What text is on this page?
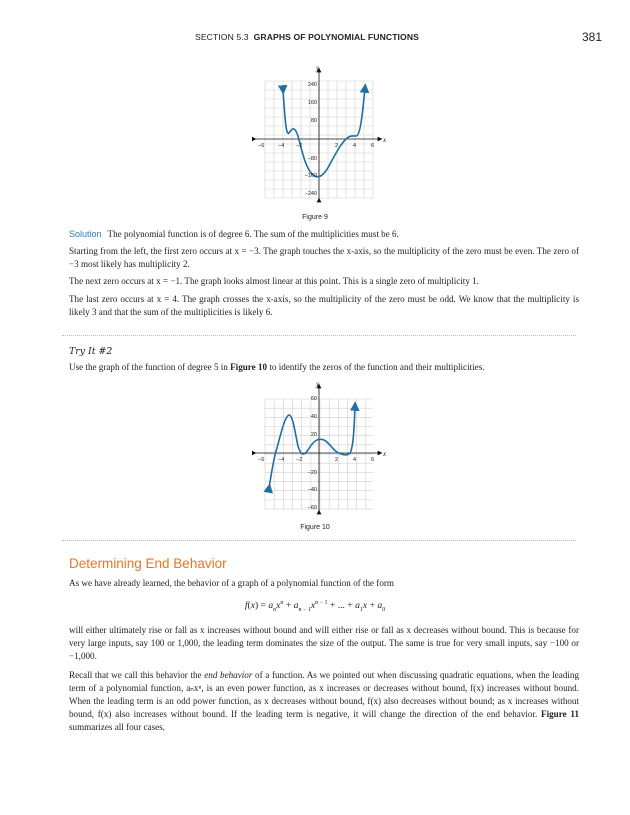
SECTION 5.3 GRAPHS OF POLYNOMIAL FUNCTIONS	381
−6 −4 −2	2	4	6
240
160
80
−80
−160
−240
x
y
Figure 9

Solution The polynomial function is of degree 6. The sum of the multiplicities must be 6.

Starting from the left, the first zero occurs at x = −3. The graph touches the x-axis, so the multiplicity of the zero must be even. The zero of −3 most likely has multiplicity 2.

The next zero occurs at x = −1. The graph looks almost linear at this point. This is a single zero of multiplicity 1.

The last zero occurs at x = 4. The graph crosses the x-axis, so the multiplicity of the zero must be odd. We know that the multiplicity is likely 3 and that the sum of the multiplicities is likely 6.

Try It #2

Use the graph of the function of degree 5 in Figure 10 to identify the zeros of the function and their multiplicities.

−6 −4 −2	2	4	6
60
40
20
−20
−40
−60
x
y
Figure 10
Determining End Behavior

As we have already learned, the behavior of a graph of a polynomial function of the form

$f(x) = a_nx^n + a_{n - 1}x^{n - 1}$ + ... + $a_1x + a_0$

will either ultimately rise or fall as x increases without bound and will either rise or fall as x decreases without bound. This is because for very large inputs, say 100 or 1,000, the leading term dominates the size of the output. The same is true for very small inputs, say −100 or −1,000.

Recall that we call this behavior the end behavior of a function. As we pointed out when discussing quadratic equations, when the leading term of a polynomial function, aₙxⁿ, is an even power function, as x increases or decreases without bound, f(x) increases without bound. When the leading term is an odd power function, as x decreases without bound, f(x) also decreases without bound; as x increases without bound, f(x) also increases without bound. If the leading term is negative, it will change the direction of the end behavior. Figure 11 summarizes all four cases.
